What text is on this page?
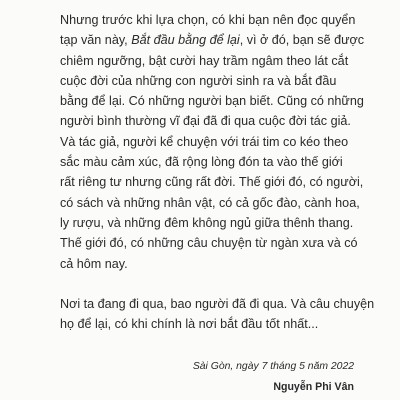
Nhưng trước khi lựa chọn, có khi bạn nên đọc quyển
tạp văn này, Bắt đầu bằng để lại, vì ở đó, bạn sẽ được
chiêm ngưỡng, bật cười hay trầm ngâm theo lát cắt
cuộc đời của những con người sinh ra và bắt đầu
bằng để lại. Có những người bạn biết. Cũng có những
người bình thường vĩ đại đã đi qua cuộc đời tác giả.
Và tác giả, người kể chuyện với trái tim co kéo theo
sắc màu cảm xúc, đã rộng lòng đón ta vào thế giới
rất riêng tư nhưng cũng rất đời. Thế giới đó, có người,
có sách và những nhân vật, có cả gốc đào, cành hoa,
ly rượu, và những đêm không ngủ giữa thênh thang.
Thế giới đó, có những câu chuyện từ ngàn xưa và có
cả hôm nay.

Nơi ta đang đi qua, bao người đã đi qua. Và câu chuyện
họ để lại, có khi chính là nơi bắt đầu tốt nhất...

Sài Gòn, ngày 7 tháng 5 năm 2022
Nguyễn Phi Vân
